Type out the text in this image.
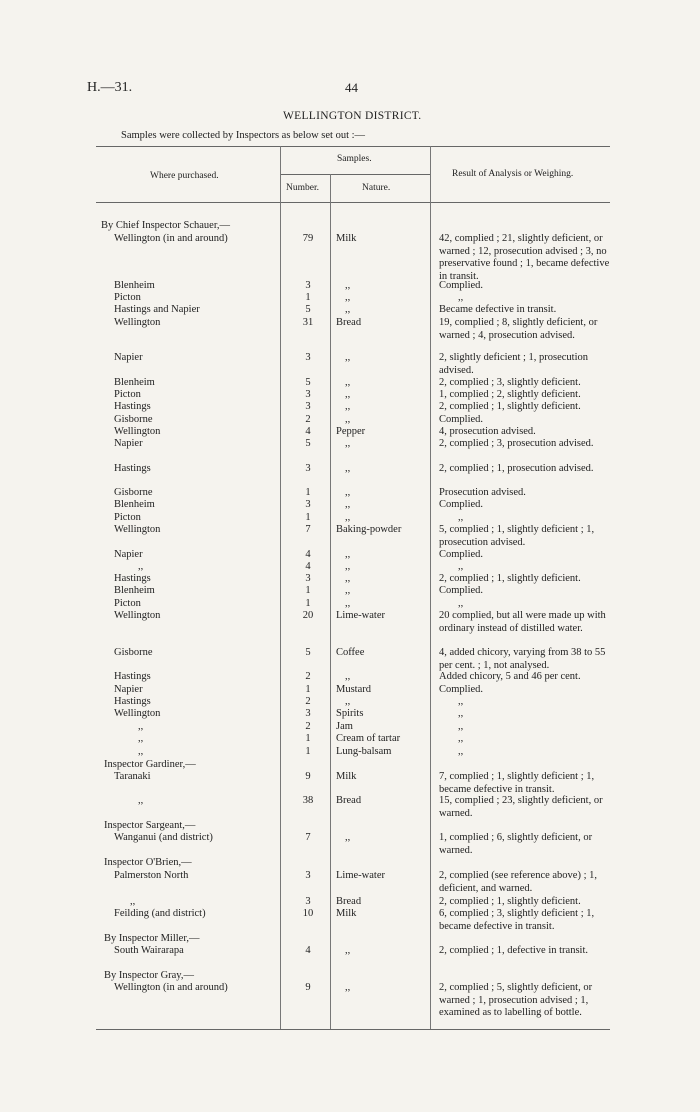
H.—31.	44
WELLINGTON DISTRICT.
Samples were collected by Inspectors as below set out :—
Where purchased.
Samples.
Number.	Nature.
Result of Analysis or Weighing.
By Chief Inspector Schauer,—
Wellington (in and around)	79	Milk	42, complied ; 21, slightly deficient, or warned ; 12, prosecution advised ; 3, no preservative found ; 1, became defective in transit.
Blenheim	3	,,	Complied.
Picton	1	,,	,,
Hastings and Napier	5	,,	Became defective in transit.
Wellington	31	Bread	19, complied ; 8, slightly deficient, or warned ; 4, prosecution advised.
Napier	3	,,	2, slightly deficient ; 1, prosecution advised.
Blenheim	5	,,	2, complied ; 3, slightly deficient.
Picton	3	,,	1, complied ; 2, slightly deficient.
Hastings	3	,,	2, complied ; 1, slightly deficient.
Gisborne	2	,,	Complied.
Wellington	4	Pepper	4, prosecution advised.
Napier	5	,,	2, complied ; 3, prosecution advised.
Hastings	3	,,	2, complied ; 1, prosecution advised.
Gisborne	1	,,	Prosecution advised.
Blenheim	3	,,	Complied.
Picton	1	,,	,,
Wellington	7	Baking-powder	5, complied ; 1, slightly deficient ; 1, prosecution advised.
Napier	4	,,	Complied.
,,	4	,,	,,
Hastings	3	,,	2, complied ; 1, slightly deficient.
Blenheim	1	,,	Complied.
Picton	1	,,	,,
Wellington	20	Lime-water	20 complied, but all were made up with ordinary instead of distilled water.
Gisborne	5	Coffee	4, added chicory, varying from 38 to 55 per cent. ; 1, not analysed.
Hastings	2	,,	Added chicory, 5 and 46 per cent.
Napier	1	Mustard	Complied.
Hastings	2	,,	,,
Wellington	3	Spirits	,,
,,	2	Jam	,,
,,	1	Cream of tartar	,,
,,	1	Lung-balsam	,,
Inspector Gardiner,—
Taranaki	9	Milk	7, complied ; 1, slightly deficient ; 1, became defective in transit.
,,	38	Bread	15, complied ; 23, slightly deficient, or warned.
Inspector Sargeant,—
Wanganui (and district)	7	,,	1, complied ; 6, slightly deficient, or warned.
Inspector O'Brien,—
Palmerston North	3	Lime-water	2, complied (see reference above) ; 1, deficient, and warned.
,,	3	Bread	2, complied ; 1, slightly deficient.
Feilding (and district)	10	Milk	6, complied ; 3, slightly deficient ; 1, became defective in transit.
By Inspector Miller,—
South Wairarapa	4	,,	2, complied ; 1, defective in transit.
By Inspector Gray,—
Wellington (in and around)	9	,,	2, complied ; 5, slightly deficient, or warned ; 1, prosecution advised ; 1, examined as to labelling of bottle.
